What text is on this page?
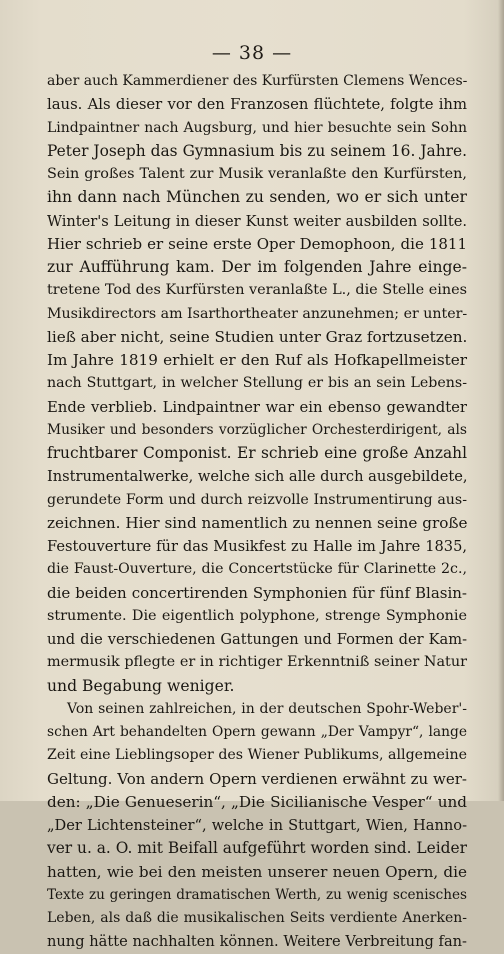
— 38 —
aber auch Kammerdiener des Kurfürsten Clemens Wences-
laus. Als dieser vor den Franzosen flüchtete, folgte ihm
Lindpaintner nach Augsburg, und hier besuchte sein Sohn
Peter Joseph das Gymnasium bis zu seinem 16. Jahre.
Sein großes Talent zur Musik veranlaßte den Kurfürsten,
ihn dann nach München zu senden, wo er sich unter
Winter's Leitung in dieser Kunst weiter ausbilden sollte.
Hier schrieb er seine erste Oper Demophoon, die 1811
zur Aufführung kam. Der im folgenden Jahre einge-
tretene Tod des Kurfürsten veranlaßte L., die Stelle eines
Musikdirectors am Isarthortheater anzunehmen; er unter-
ließ aber nicht, seine Studien unter Graz fortzusetzen.
Im Jahre 1819 erhielt er den Ruf als Hofkapellmeister
nach Stuttgart, in welcher Stellung er bis an sein Lebens-
Ende verblieb. Lindpaintner war ein ebenso gewandter
Musiker und besonders vorzüglicher Orchesterdirigent, als
fruchtbarer Componist. Er schrieb eine große Anzahl
Instrumentalwerke, welche sich alle durch ausgebildete,
gerundete Form und durch reizvolle Instrumentirung aus-
zeichnen. Hier sind namentlich zu nennen seine große
Festouverture für das Musikfest zu Halle im Jahre 1835,
die Faust-Ouverture, die Concertstücke für Clarinette 2c.,
die beiden concertirenden Symphonien für fünf Blasin-
strumente. Die eigentlich polyphone, strenge Symphonie
und die verschiedenen Gattungen und Formen der Kam-
mermusik pflegte er in richtiger Erkenntniß seiner Natur
und Begabung weniger.
Von seinen zahlreichen, in der deutschen Spohr-Weber'-
schen Art behandelten Opern gewann „Der Vampyr“, lange
Zeit eine Lieblingsoper des Wiener Publikums, allgemeine
Geltung. Von andern Opern verdienen erwähnt zu wer-
den: „Die Genueserin“, „Die Sicilianische Vesper“ und
„Der Lichtensteiner“, welche in Stuttgart, Wien, Hanno-
ver u. a. O. mit Beifall aufgeführt worden sind. Leider
hatten, wie bei den meisten unserer neuen Opern, die
Texte zu geringen dramatischen Werth, zu wenig scenisches
Leben, als daß die musikalischen Seits verdiente Anerken-
nung hätte nachhalten können. Weitere Verbreitung fan-
